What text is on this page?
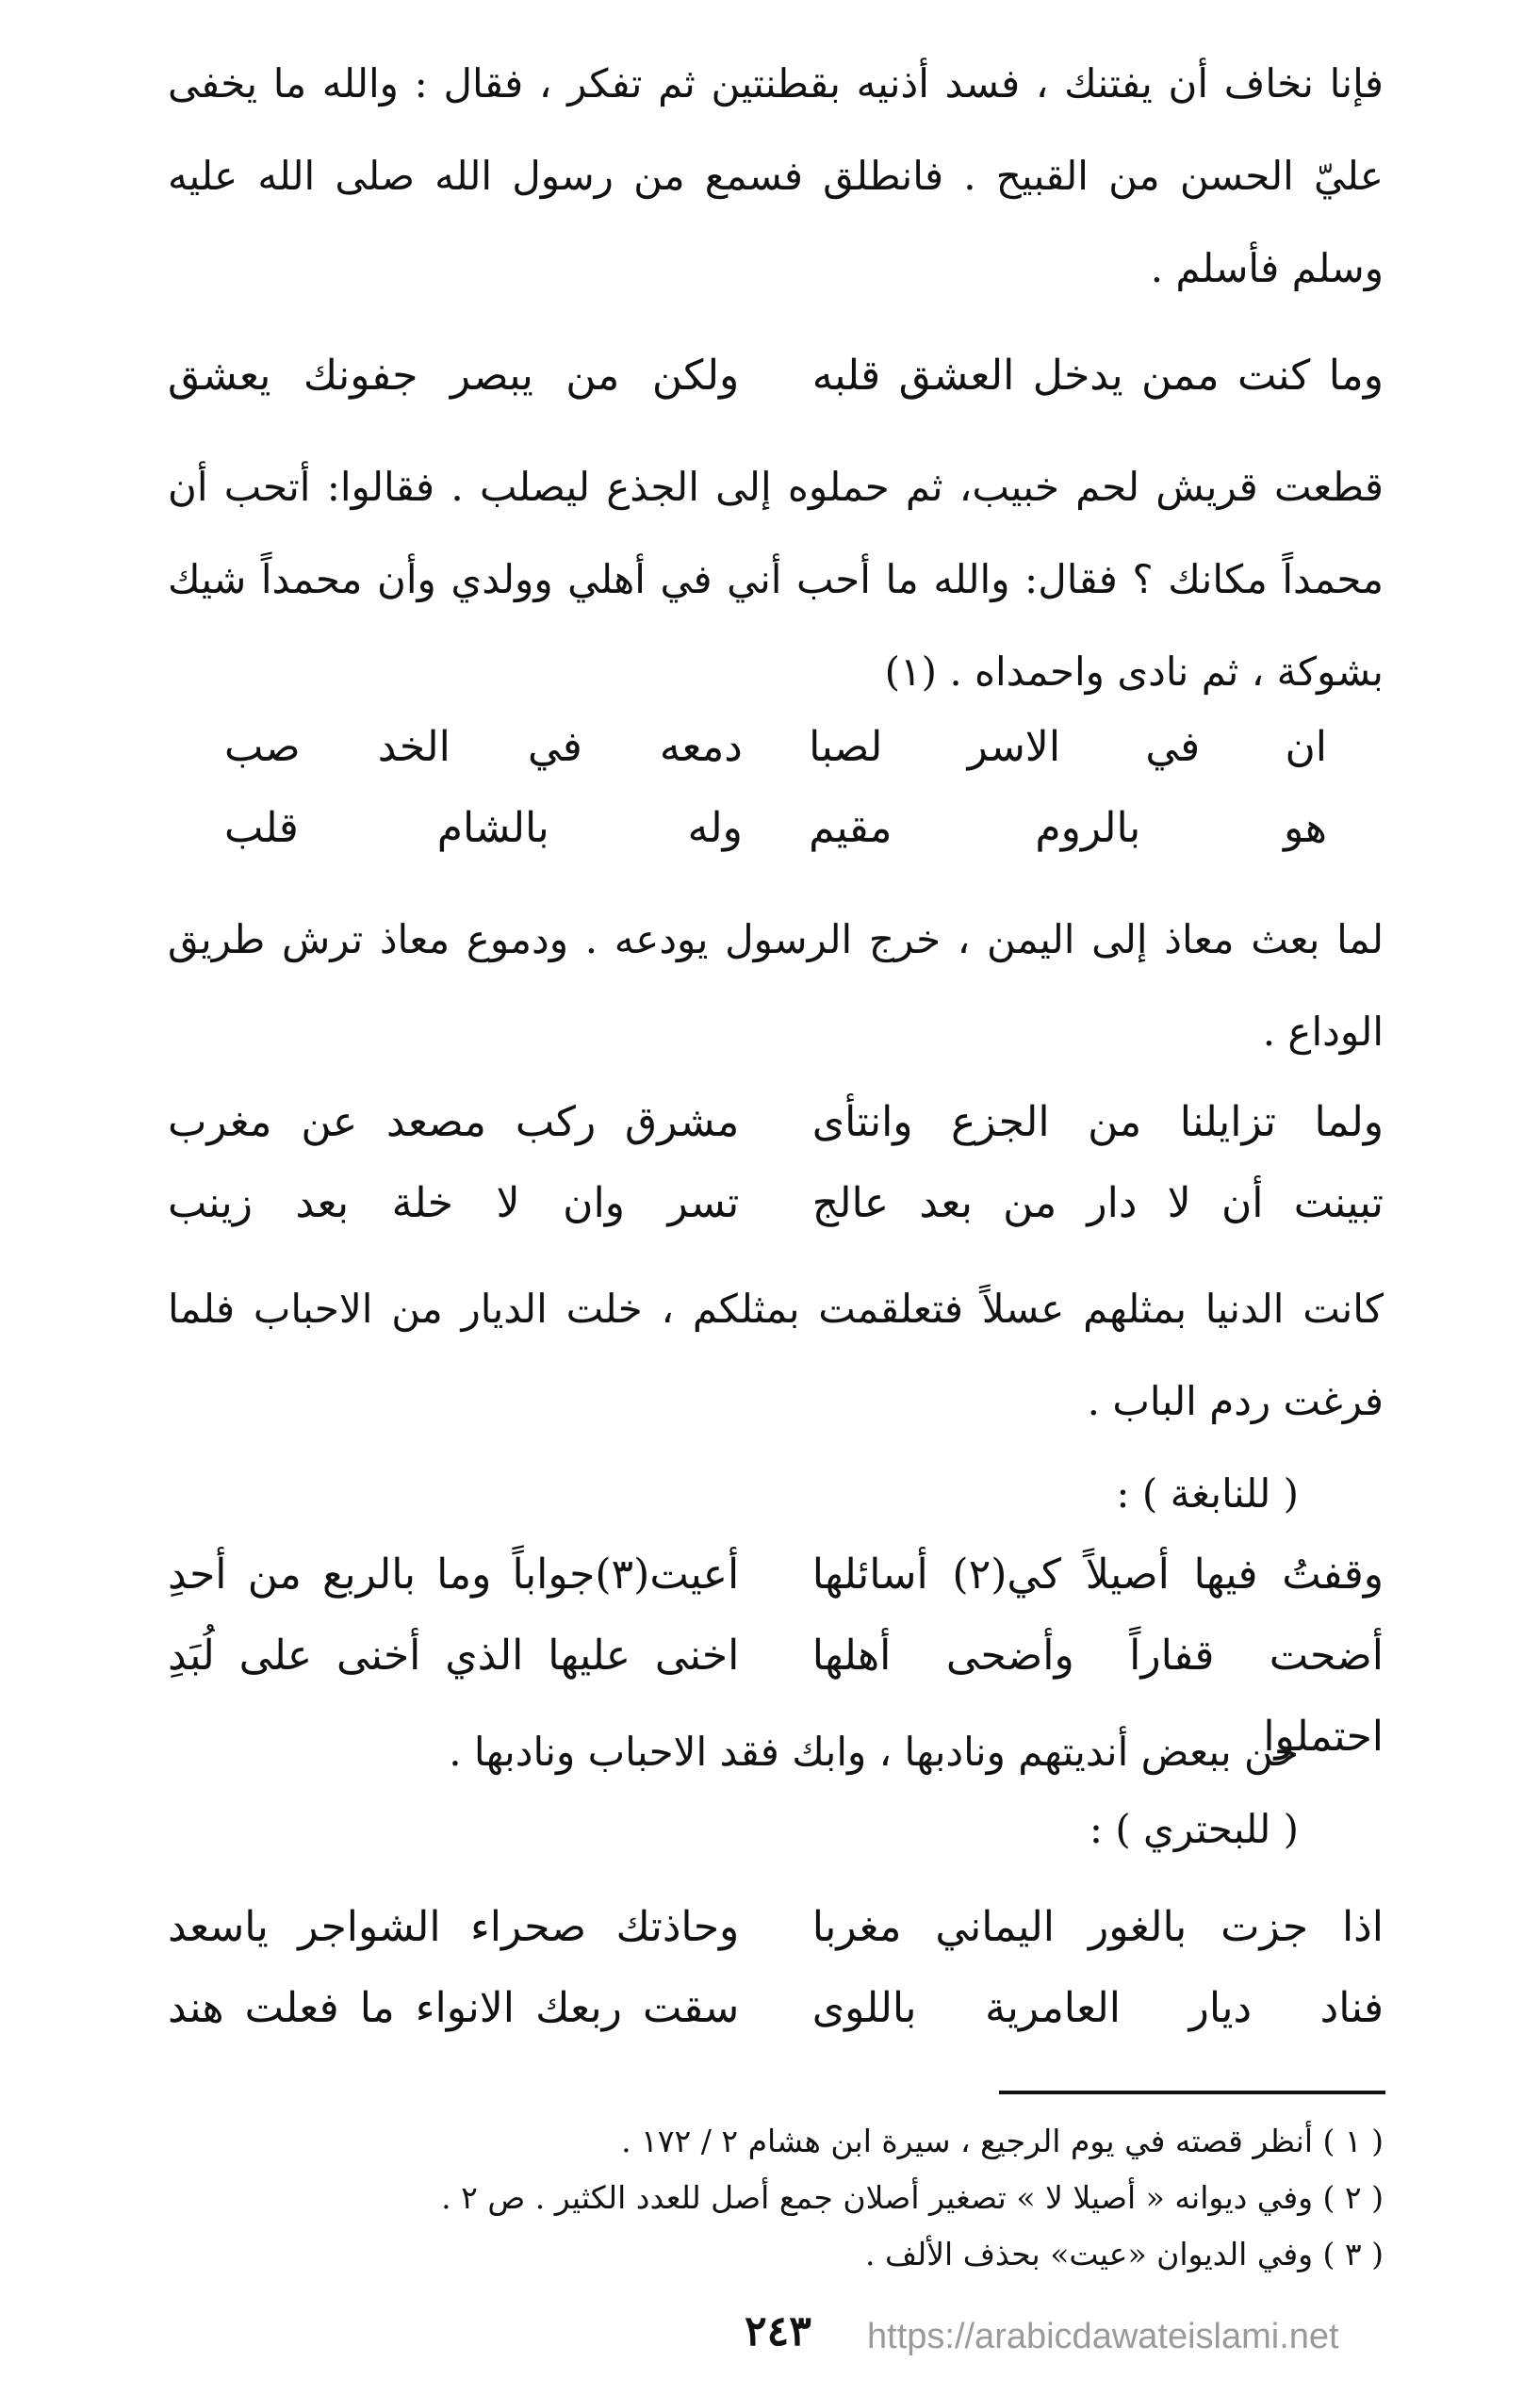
فإنا نخاف أن يفتنك ، فسد أذنيه بقطنتين ثم تفكر ، فقال : والله ما يخفى عليّ الحسن من القبيح . فانطلق فسمع من رسول الله صلى الله عليه وسلم فأسلم .

وما كنت ممن يدخل العشق قلبه
ولكن من يبصر جفونك يعشق

قطعت قريش لحم خبيب، ثم حملوه إلى الجذع ليصلب . فقالوا: أتحب أن محمداً مكانك ؟ فقال: والله ما أحب أني في أهلي وولدي وأن محمداً شيك بشوكة ، ثم نادى واحمداه . (١)

ان في الاسر لصبا
دمعه في الخد صب
هو بالروم مقيم
وله بالشام قلب

لما بعث معاذ إلى اليمن ، خرج الرسول يودعه . ودموع معاذ ترش طريق الوداع .

ولما تزايلنا من الجزع وانتأى
مشرق ركب مصعد عن مغرب
تبينت أن لا دار من بعد عالج
تسر وان لا خلة بعد زينب

كانت الدنيا بمثلهم عسلاً فتعلقمت بمثلكم ، خلت الديار من الاحباب فلما فرغت ردم الباب .

( للنابغة ) :

وقفتُ فيها أصيلاً كي(٢) أسائلها
أعيت(٣)جواباً وما بالربع من أحدِ
أضحت قفاراً وأضحى أهلها احتملوا
اخنى عليها الذي أخنى على لُبَدِ

حن ببعض أنديتهم ونادبها ، وابك فقد الاحباب ونادبها .

( للبحتري ) :

اذا جزت بالغور اليماني مغربا
وحاذتك صحراء الشواجر ياسعد
فناد ديار العامرية باللوى
سقت ربعك الانواء ما فعلت هند

( ١ ) أنظر قصته في يوم الرجيع ، سيرة ابن هشام ٢ / ١٧٢ .

( ٢ ) وفي ديوانه « أصيلا لا » تصغير أصلان جمع أصل للعدد الكثير . ص ٢ .

( ٣ ) وفي الديوان «عيت» بحذف الألف .

٢٤٣ https://arabicdawateislami.net
